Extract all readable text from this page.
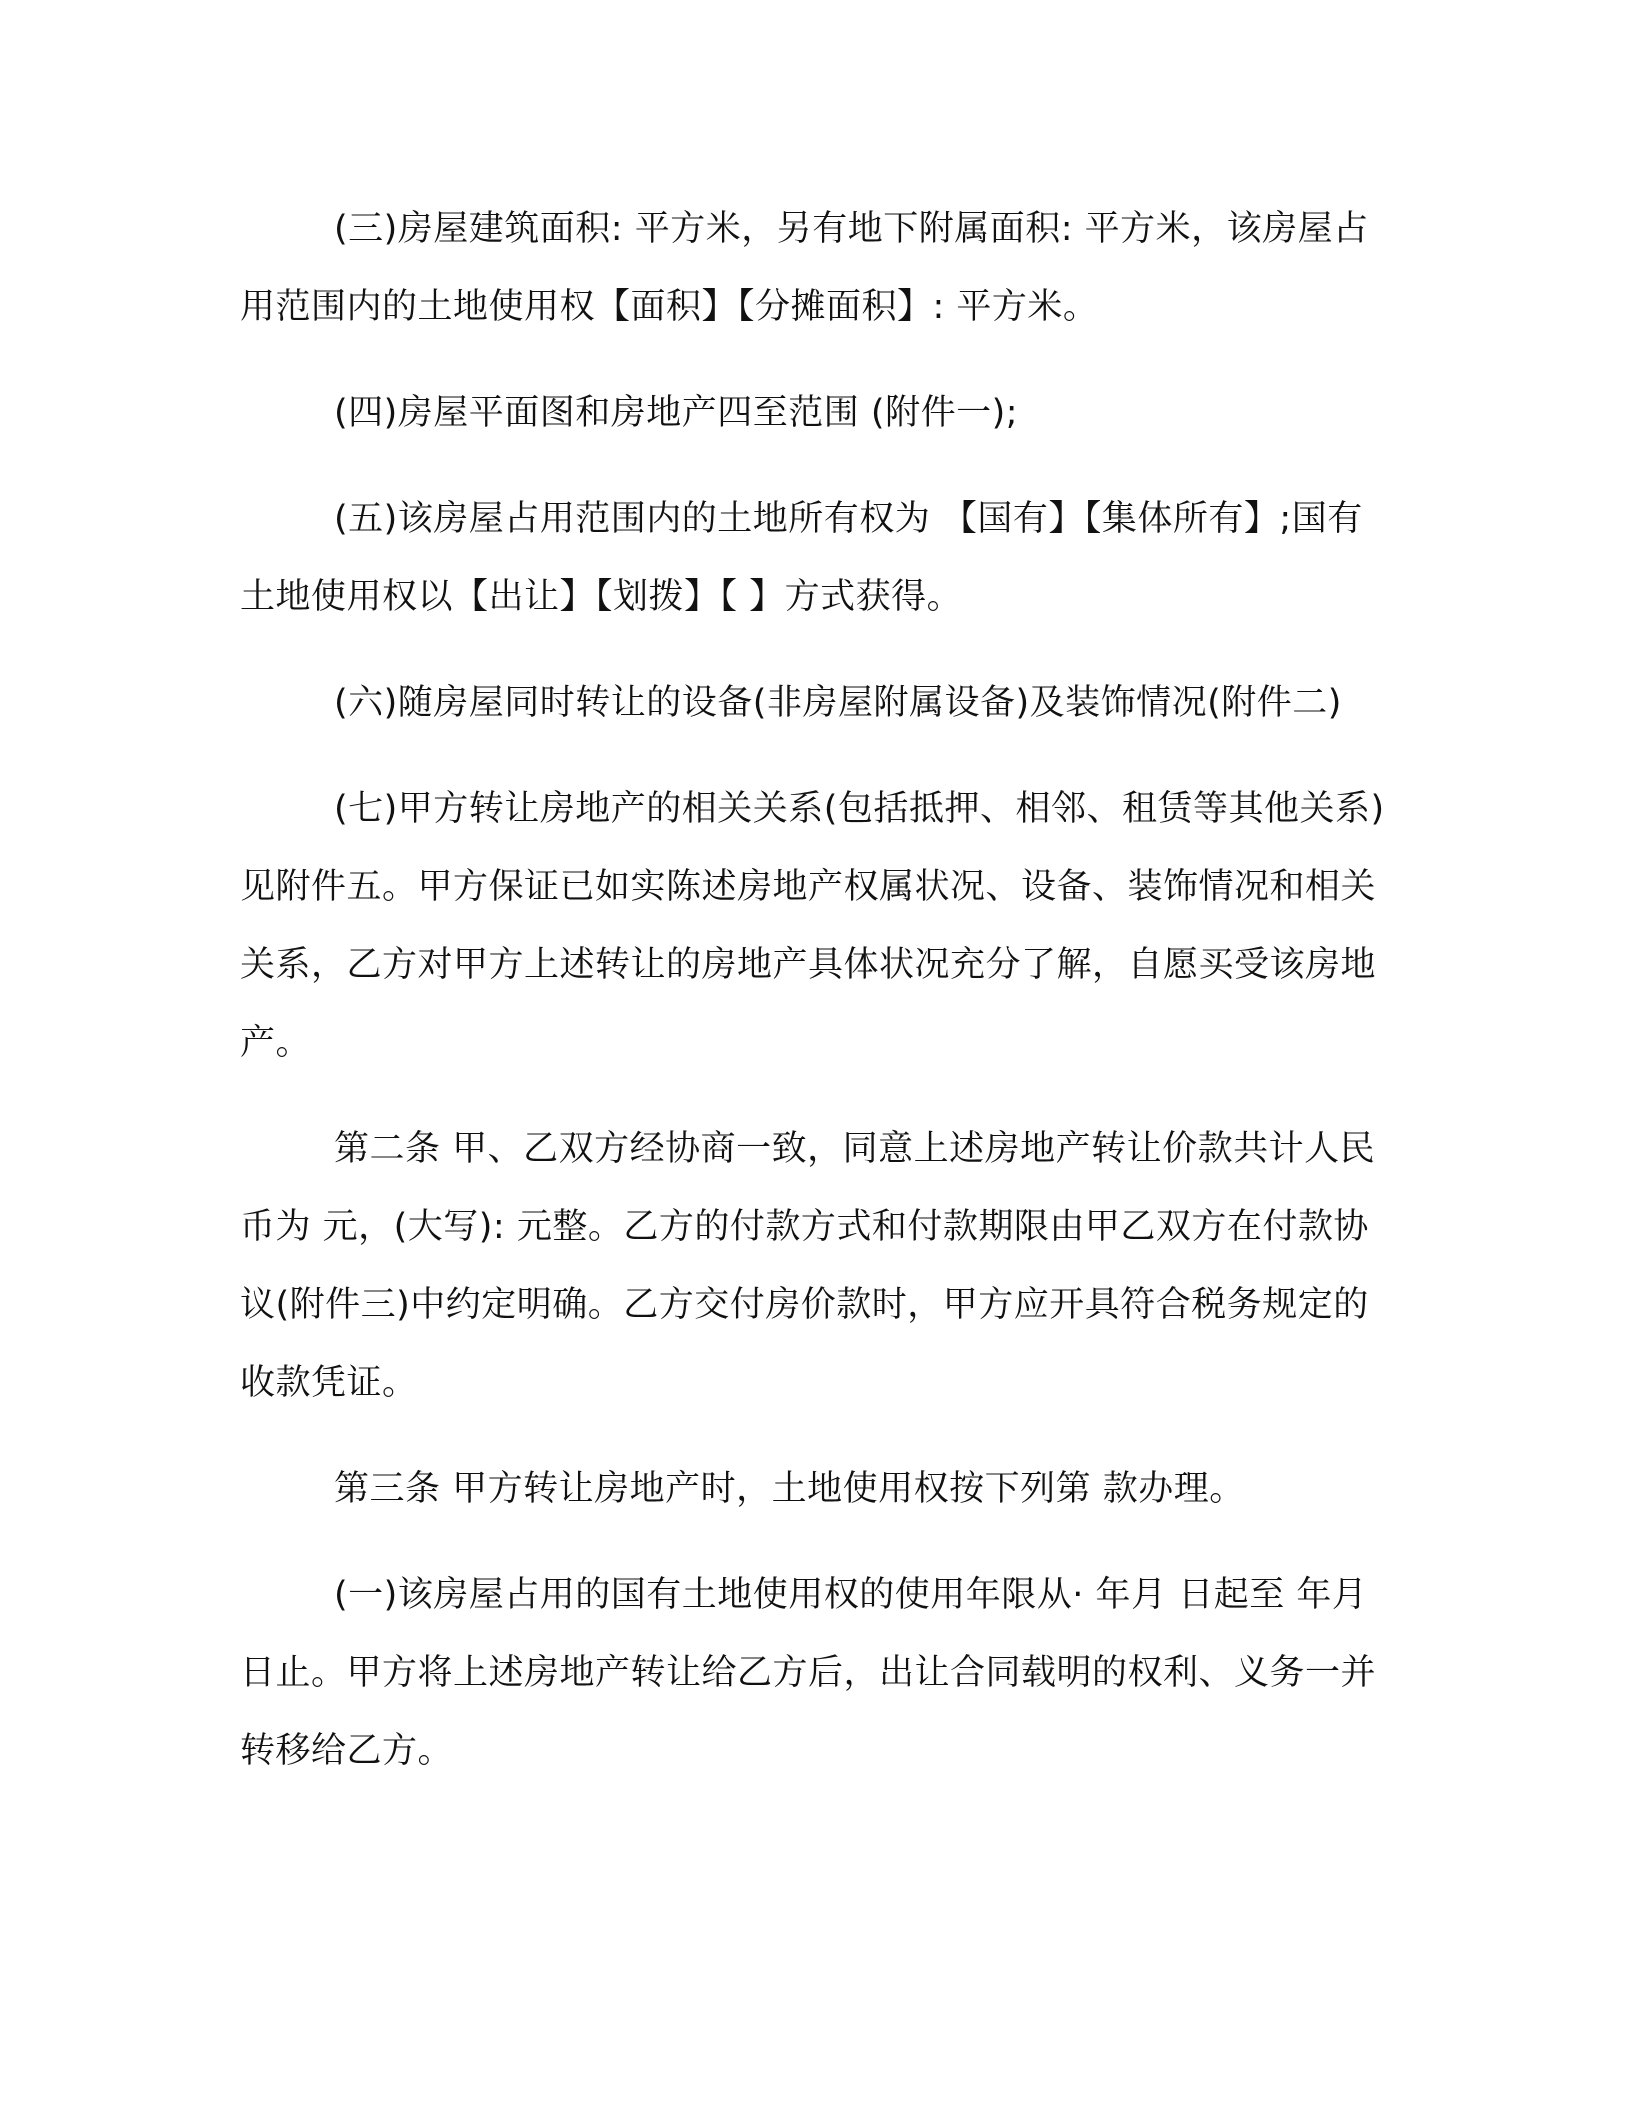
(三)房屋建筑面积: 平方米，另有地下附属面积: 平方米，该房屋占用范围内的土地使用权【面积】【分摊面积】: 平方米。

(四)房屋平面图和房地产四至范围 (附件一);

(五)该房屋占用范围内的土地所有权为 【国有】【集体所有】;国有土地使用权以【出让】【划拨】【 】方式获得。

(六)随房屋同时转让的设备(非房屋附属设备)及装饰情况(附件二)

(七)甲方转让房地产的相关关系(包括抵押、相邻、租赁等其他关系)见附件五。甲方保证已如实陈述房地产权属状况、设备、装饰情况和相关关系，乙方对甲方上述转让的房地产具体状况充分了解，自愿买受该房地产。

第二条 甲、乙双方经协商一致，同意上述房地产转让价款共计人民币为 元，(大写): 元整。乙方的付款方式和付款期限由甲乙双方在付款协议(附件三)中约定明确。乙方交付房价款时，甲方应开具符合税务规定的收款凭证。

第三条 甲方转让房地产时，土地使用权按下列第 款办理。

(一)该房屋占用的国有土地使用权的使用年限从· 年月 日起至 年月 日止。甲方将上述房地产转让给乙方后，出让合同载明的权利、义务一并转移给乙方。
